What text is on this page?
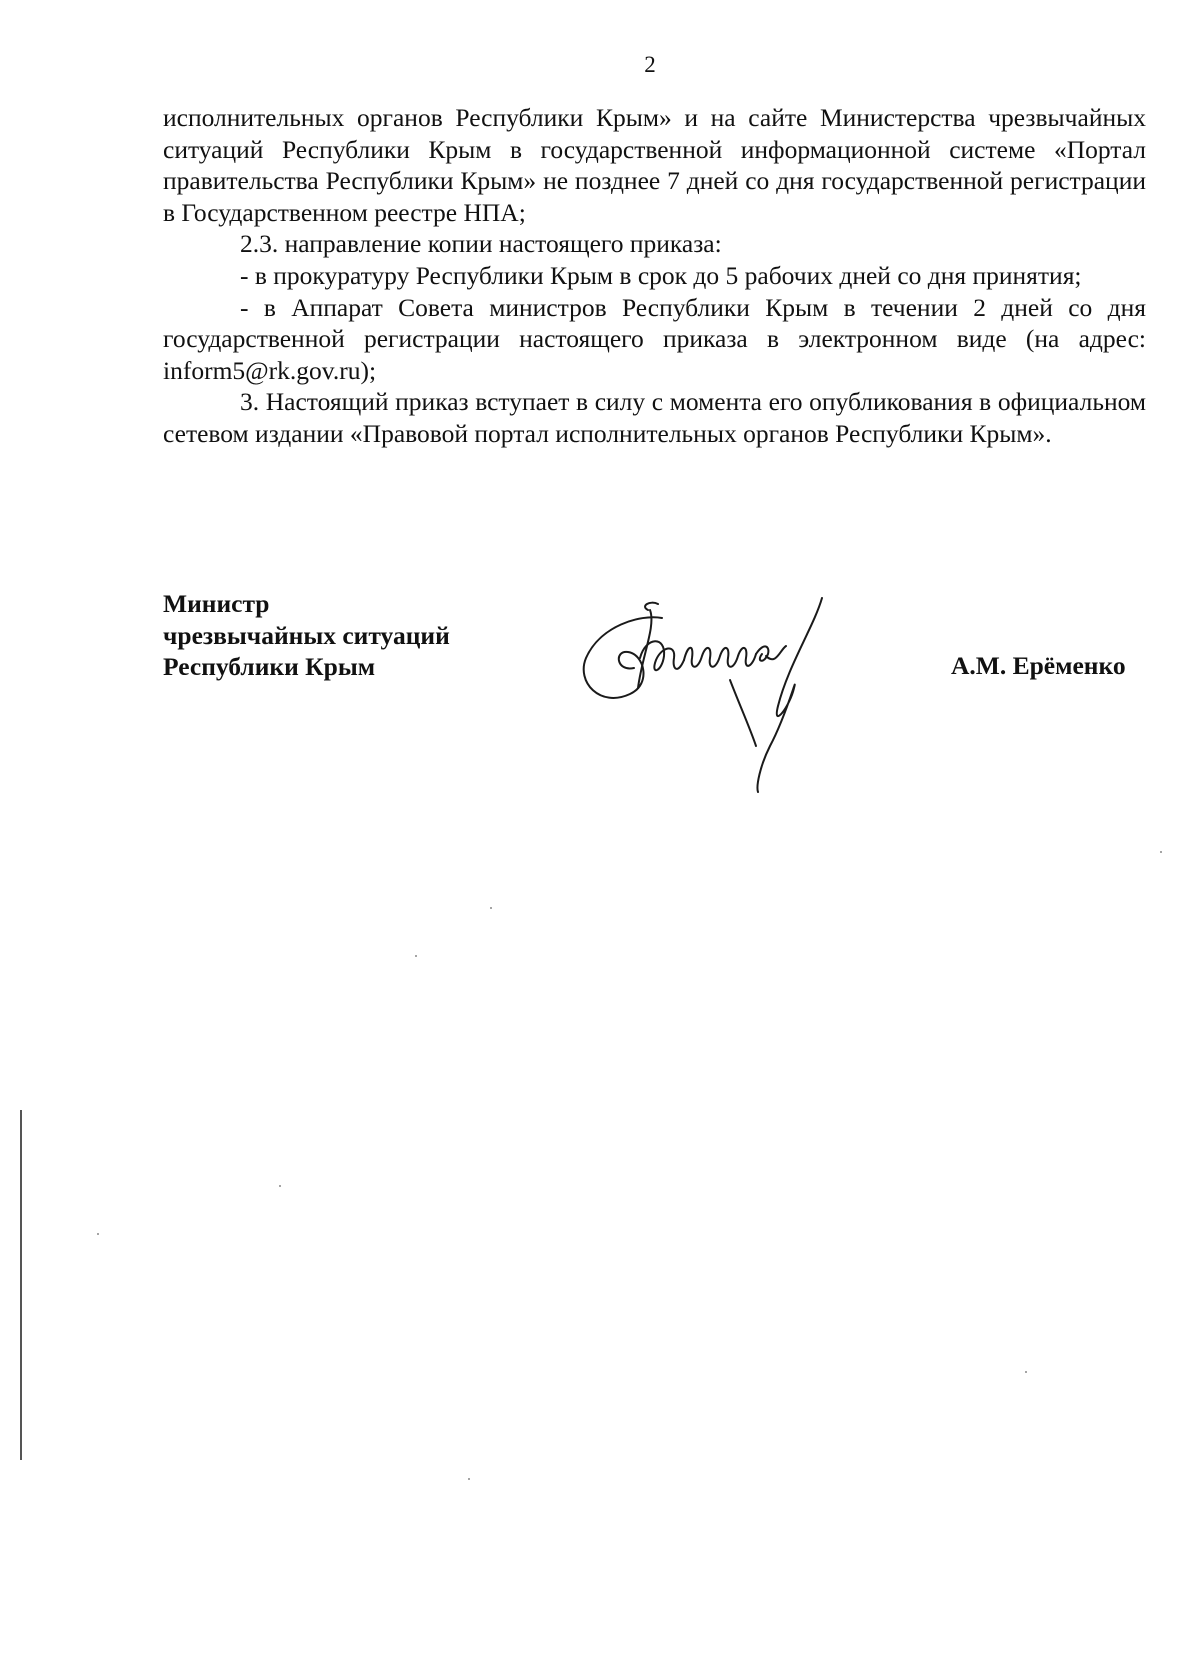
2

исполнительных органов Республики Крым» и на сайте Министерства чрезвычайных ситуаций Республики Крым в государственной информационной системе «Портал правительства Республики Крым» не позднее 7 дней со дня государственной регистрации в Государственном реестре НПА;

2.3. направление копии настоящего приказа:

- в прокуратуру Республики Крым в срок до 5 рабочих дней со дня принятия;

- в Аппарат Совета министров Республики Крым в течении 2 дней со дня государственной регистрации настоящего приказа в электронном виде (на адрес: inform5@rk.gov.ru);

3. Настоящий приказ вступает в силу с момента его опубликования в официальном сетевом издании «Правовой портал исполнительных органов Республики Крым».

Министр
чрезвычайных ситуаций
Республики Крым	А.М. Ерёменко
